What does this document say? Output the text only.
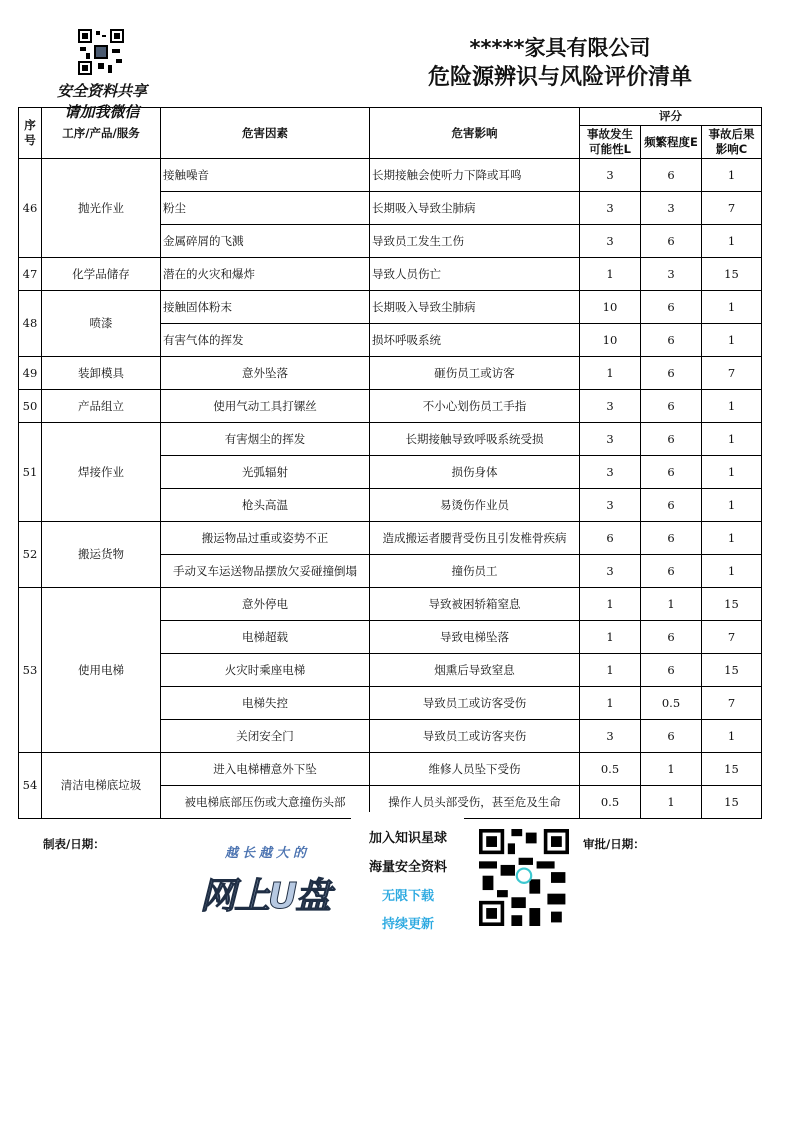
安全资料共享
请加我微信
*****家具有限公司
危险源辨识与风险评价清单
序号	工序/产品/服务	危害因素	危害影响	评分		
				事故发生可能性L	频繁程度E	事故后果影响C
46	抛光作业	接触噪音	长期接触会使听力下降或耳鸣	3	6	1
		粉尘	长期吸入导致尘肺病	3	3	7
		金属碎屑的飞溅	导致员工发生工伤	3	6	1
47	化学品储存	潜在的火灾和爆炸	导致人员伤亡	1	3	15
48	喷漆	接触固体粉末	长期吸入导致尘肺病	10	6	1
		有害气体的挥发	损坏呼吸系统	10	6	1
49	装卸模具	意外坠落	砸伤员工或访客	1	6	7
50	产品组立	使用气动工具打镙丝	不小心划伤员工手指	3	6	1
51	焊接作业	有害烟尘的挥发	长期接触导致呼吸系统受损	3	6	1
		光弧辐射	损伤身体	3	6	1
		枪头高温	易烫伤作业员	3	6	1
52	搬运货物	搬运物品过重或姿势不正	造成搬运者腰背受伤且引发椎骨疾病	6	6	1
		手动叉车运送物品摆放欠妥碰撞倒塌	撞伤员工	3	6	1
53	使用电梯	意外停电	导致被困轿箱窒息	1	1	15
		电梯超载	导致电梯坠落	1	6	7
		火灾时乘座电梯	烟熏后导致窒息	1	6	15
		电梯失控	导致员工或访客受伤	1	0.5	7
		关闭安全门	导致员工或访客夹伤	3	6	1
54	清洁电梯底垃圾	进入电梯槽意外下坠	维修人员坠下受伤	0.5	1	15
		被电梯底部压伤或大意撞伤头部	操作人员头部受伤，甚至危及生命	0.5	1	15
制表/日期：	审批/日期：
越长越大的
网上U盘
加入知识星球
海量安全资料
无限下载
持续更新
